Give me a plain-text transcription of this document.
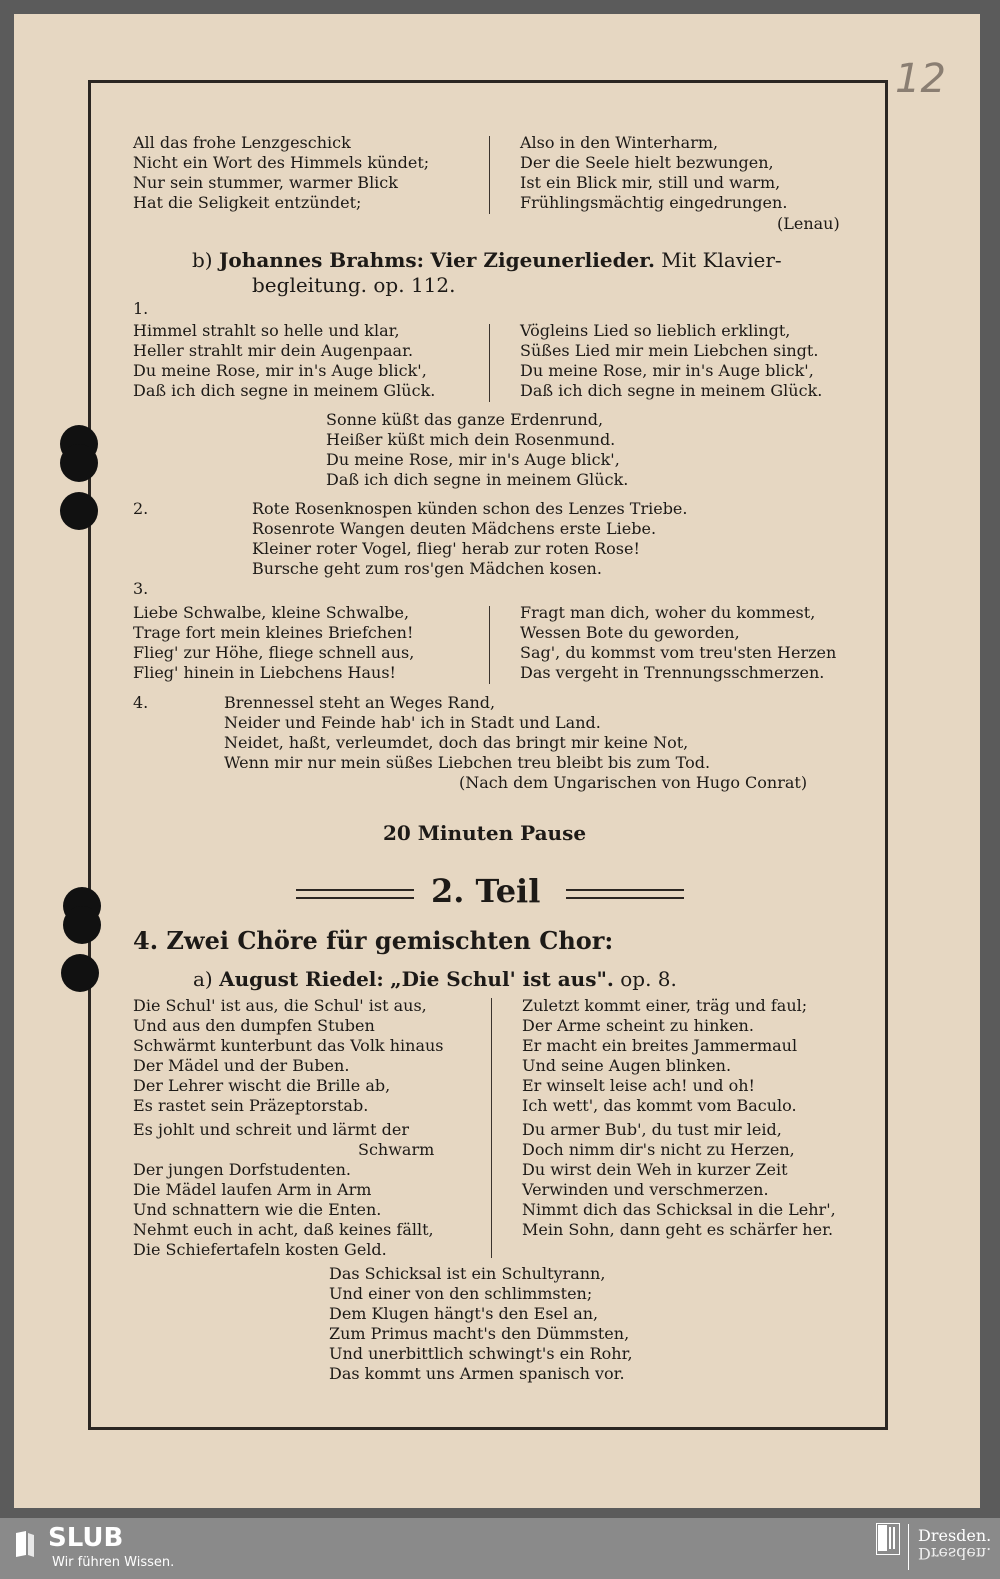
12
All das frohe Lenzgeschick
Nicht ein Wort des Himmels kündet;
Nur sein stummer, warmer Blick
Hat die Seligkeit entzündet;
Also in den Winterharm,
Der die Seele hielt bezwungen,
Ist ein Blick mir, still und warm,
Frühlingsmächtig eingedrungen.

(Lenau)

b) Johannes Brahms: Vier Zigeunerlieder. Mit Klavier-

begleitung. op. 112.

1.

Himmel strahlt so helle und klar,
Heller strahlt mir dein Augenpaar.
Du meine Rose, mir in's Auge blick',
Daß ich dich segne in meinem Glück.
Vögleins Lied so lieblich erklingt,
Süßes Lied mir mein Liebchen singt.
Du meine Rose, mir in's Auge blick',
Daß ich dich segne in meinem Glück.
Sonne küßt das ganze Erdenrund,
Heißer küßt mich dein Rosenmund.
Du meine Rose, mir in's Auge blick',
Daß ich dich segne in meinem Glück.

2.	Rote Rosenknospen künden schon des Lenzes Triebe.
Rosenrote Wangen deuten Mädchens erste Liebe.
Kleiner roter Vogel, flieg' herab zur roten Rose!
Bursche geht zum ros'gen Mädchen kosen.

3.

Liebe Schwalbe, kleine Schwalbe,
Trage fort mein kleines Briefchen!
Flieg' zur Höhe, fliege schnell aus,
Flieg' hinein in Liebchens Haus!
Fragt man dich, woher du kommest,
Wessen Bote du geworden,
Sag', du kommst vom treu'sten Herzen
Das vergeht in Trennungsschmerzen.

4.	Brennessel steht an Weges Rand,
Neider und Feinde hab' ich in Stadt und Land.
Neidet, haßt, verleumdet, doch das bringt mir keine Not,
Wenn mir nur mein süßes Liebchen treu bleibt bis zum Tod.

(Nach dem Ungarischen von Hugo Conrat)

20 Minuten Pause

2. Teil

4. Zwei Chöre für gemischten Chor:

a) August Riedel: „Die Schul' ist aus". op. 8.

Die Schul' ist aus, die Schul' ist aus,
Und aus den dumpfen Stuben
Schwärmt kunterbunt das Volk hinaus
Der Mädel und der Buben.
Der Lehrer wischt die Brille ab,
Es rastet sein Präzeptorstab.

Es johlt und schreit und lärmt der

Schwarm

Der jungen Dorfstudenten.
Die Mädel laufen Arm in Arm
Und schnattern wie die Enten.
Nehmt euch in acht, daß keines fällt,
Die Schiefertafeln kosten Geld.
Zuletzt kommt einer, träg und faul;
Der Arme scheint zu hinken.
Er macht ein breites Jammermaul
Und seine Augen blinken.
Er winselt leise ach! und oh!
Ich wett', das kommt vom Baculo.
Du armer Bub', du tust mir leid,
Doch nimm dir's nicht zu Herzen,
Du wirst dein Weh in kurzer Zeit
Verwinden und verschmerzen.
Nimmt dich das Schicksal in die Lehr',
Mein Sohn, dann geht es schärfer her.
Das Schicksal ist ein Schultyrann,
Und einer von den schlimmsten;
Dem Klugen hängt's den Esel an,
Zum Primus macht's den Dümmsten,
Und unerbittlich schwingt's ein Rohr,
Das kommt uns Armen spanisch vor.
SLUB
Wir führen Wissen.
Dresden.
Dresden.
